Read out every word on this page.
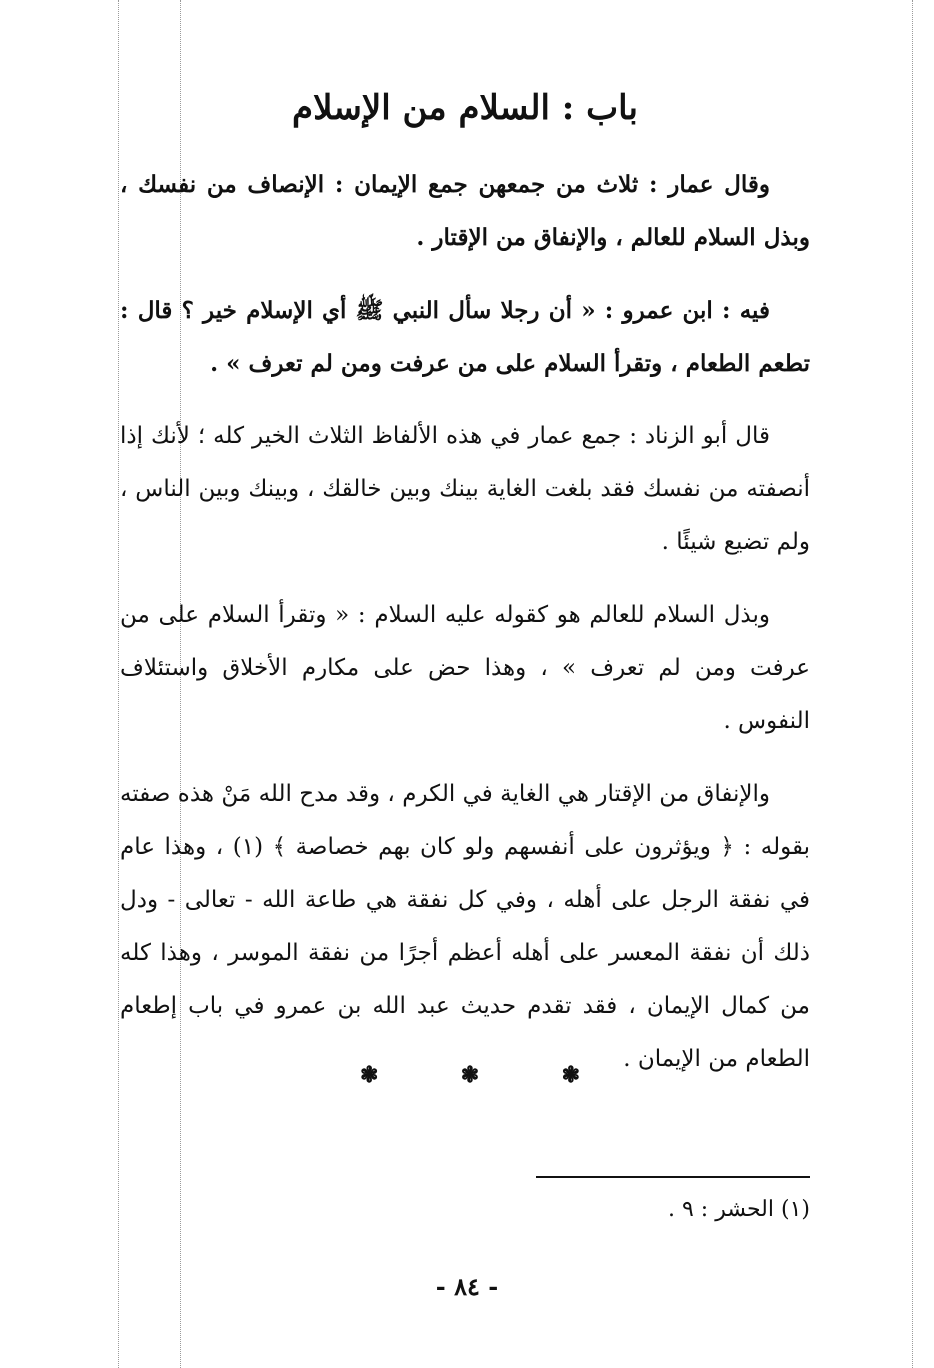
باب : السلام من الإسلام

وقال عمار : ثلاث من جمعهن جمع الإيمان : الإنصاف من نفسك ، وبذل السلام للعالم ، والإنفاق من الإقتار .

فيه : ابن عمرو : « أن رجلا سأل النبي ﷺ أي الإسلام خير ؟ قال : تطعم الطعام ، وتقرأ السلام على من عرفت ومن لم تعرف » .

قال أبو الزناد : جمع عمار في هذه الألفاظ الثلاث الخير كله ؛ لأنك إذا أنصفته من نفسك فقد بلغت الغاية بينك وبين خالقك ، وبينك وبين الناس ، ولم تضيع شيئًا .

وبذل السلام للعالم هو كقوله عليه السلام : « وتقرأ السلام على من عرفت ومن لم تعرف » ، وهذا حض على مكارم الأخلاق واستئلاف النفوس .

والإنفاق من الإقتار هي الغاية في الكرم ، وقد مدح الله مَنْ هذه صفته بقوله : ﴿ ويؤثرون على أنفسهم ولو كان بهم خصاصة ﴾ (١) ، وهذا عام في نفقة الرجل على أهله ، وفي كل نفقة هي طاعة الله - تعالى - ودل ذلك أن نفقة المعسر على أهله أعظم أجرًا من نفقة الموسر ، وهذا كله من كمال الإيمان ، فقد تقدم حديث عبد الله بن عمرو في باب إطعام الطعام من الإيمان .

❃	❃	❃
(١) الحشر : ٩ .
- ٨٤ -
